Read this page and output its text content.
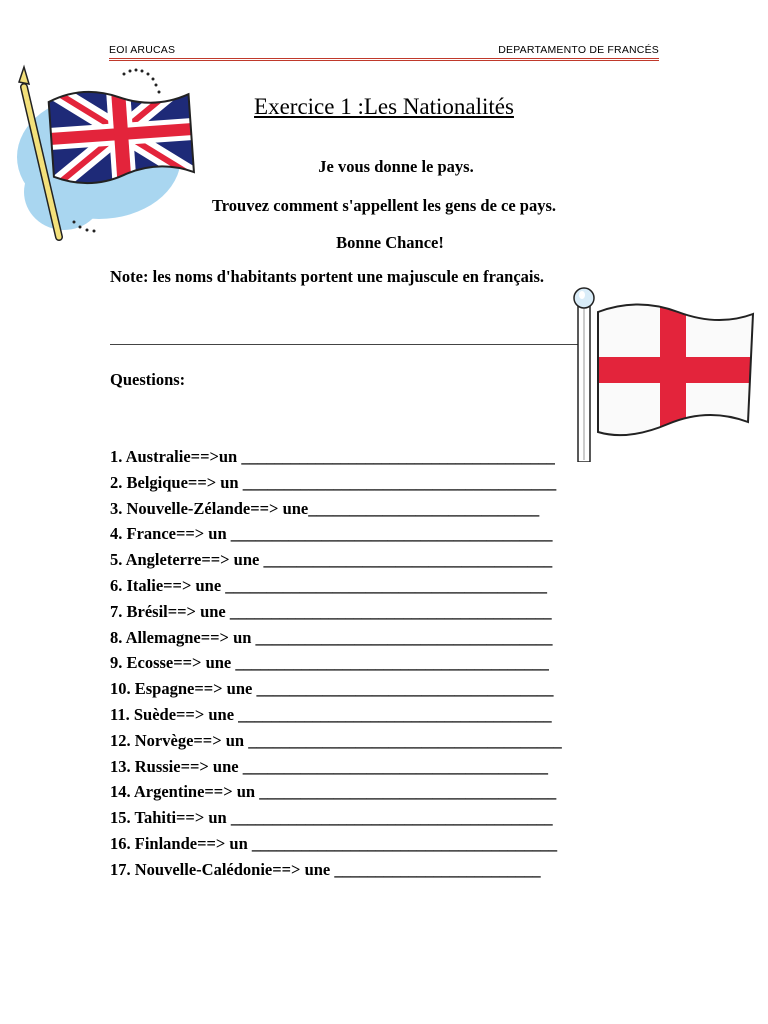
EOI ARUCAS	DEPARTAMENTO DE FRANCÉS
Exercice 1 :Les Nationalités
Je vous donne le pays.
Trouvez comment s'appellent les gens de ce pays.
Bonne Chance!
Note: les noms d'habitants portent une majuscule en français.
Questions:
1. Australie==>un ______________________________________
2. Belgique==> un ______________________________________
3. Nouvelle-Zélande==> une____________________________
4. France==> un _______________________________________
5. Angleterre==> une ___________________________________
6. Italie==> une _______________________________________
7. Brésil==> une _______________________________________
8. Allemagne==> un ____________________________________
9. Ecosse==> une ______________________________________
10. Espagne==> une ____________________________________
11. Suède==> une ______________________________________
12. Norvège==> un ______________________________________
13. Russie==> une _____________________________________
14. Argentine==> un ____________________________________
15. Tahiti==> un _______________________________________
16. Finlande==> un _____________________________________
17. Nouvelle-Calédonie==> une _________________________
